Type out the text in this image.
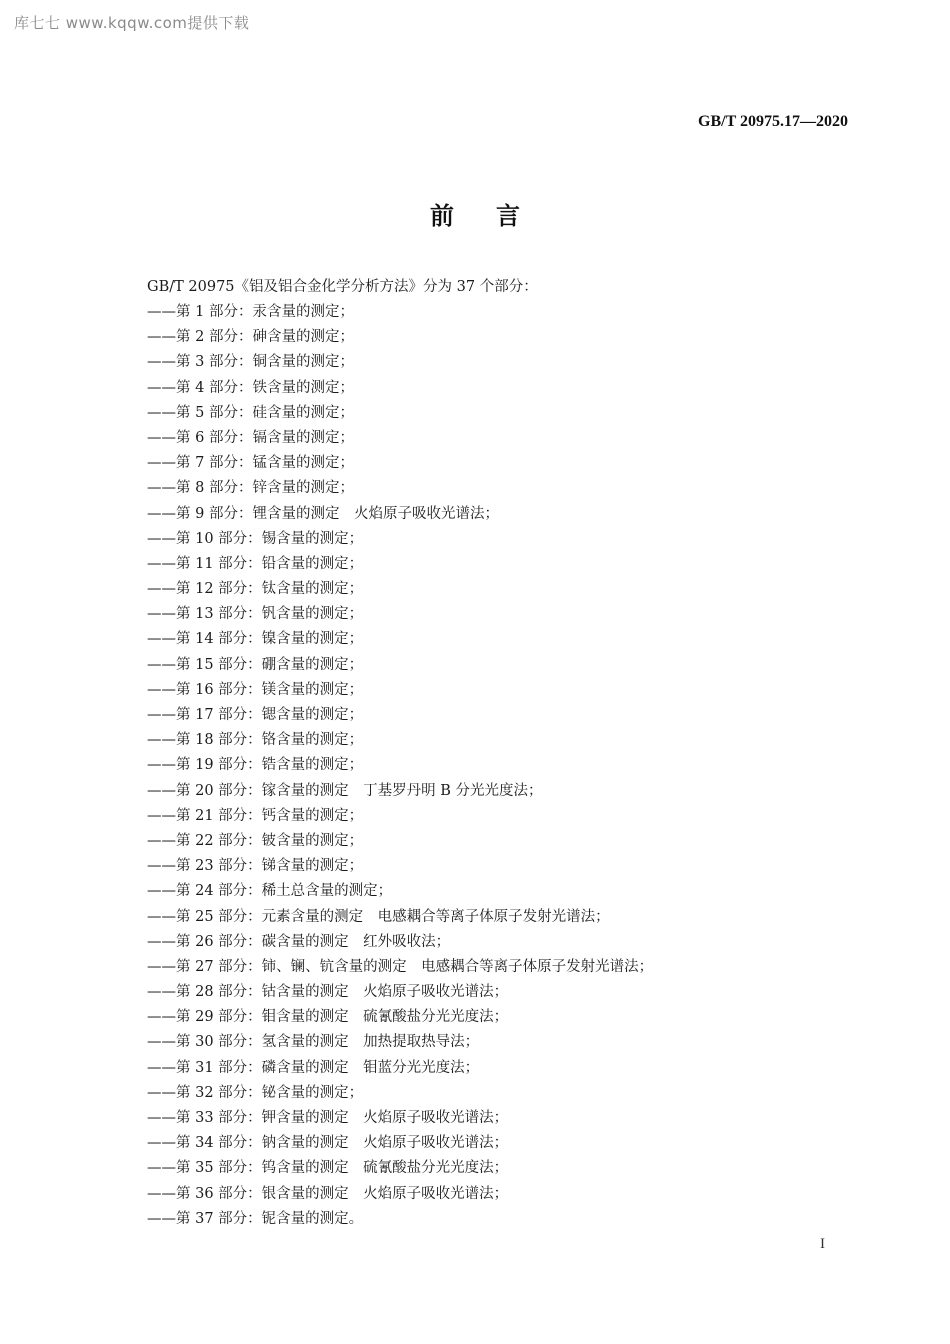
库七七 www.kqqw.com提供下载
GB/T 20975.17—2020
前言
GB/T 20975《铝及铝合金化学分析方法》分为 37 个部分：
——第 1 部分：汞含量的测定；
——第 2 部分：砷含量的测定；
——第 3 部分：铜含量的测定；
——第 4 部分：铁含量的测定；
——第 5 部分：硅含量的测定；
——第 6 部分：镉含量的测定；
——第 7 部分：锰含量的测定；
——第 8 部分：锌含量的测定；
——第 9 部分：锂含量的测定　火焰原子吸收光谱法；
——第 10 部分：锡含量的测定；
——第 11 部分：铅含量的测定；
——第 12 部分：钛含量的测定；
——第 13 部分：钒含量的测定；
——第 14 部分：镍含量的测定；
——第 15 部分：硼含量的测定；
——第 16 部分：镁含量的测定；
——第 17 部分：锶含量的测定；
——第 18 部分：铬含量的测定；
——第 19 部分：锆含量的测定；
——第 20 部分：镓含量的测定　丁基罗丹明 B 分光光度法；
——第 21 部分：钙含量的测定；
——第 22 部分：铍含量的测定；
——第 23 部分：锑含量的测定；
——第 24 部分：稀土总含量的测定；
——第 25 部分：元素含量的测定　电感耦合等离子体原子发射光谱法；
——第 26 部分：碳含量的测定　红外吸收法；
——第 27 部分：铈、镧、钪含量的测定　电感耦合等离子体原子发射光谱法；
——第 28 部分：钴含量的测定　火焰原子吸收光谱法；
——第 29 部分：钼含量的测定　硫氰酸盐分光光度法；
——第 30 部分：氢含量的测定　加热提取热导法；
——第 31 部分：磷含量的测定　钼蓝分光光度法；
——第 32 部分：铋含量的测定；
——第 33 部分：钾含量的测定　火焰原子吸收光谱法；
——第 34 部分：钠含量的测定　火焰原子吸收光谱法；
——第 35 部分：钨含量的测定　硫氰酸盐分光光度法；
——第 36 部分：银含量的测定　火焰原子吸收光谱法；
——第 37 部分：铌含量的测定。
I
